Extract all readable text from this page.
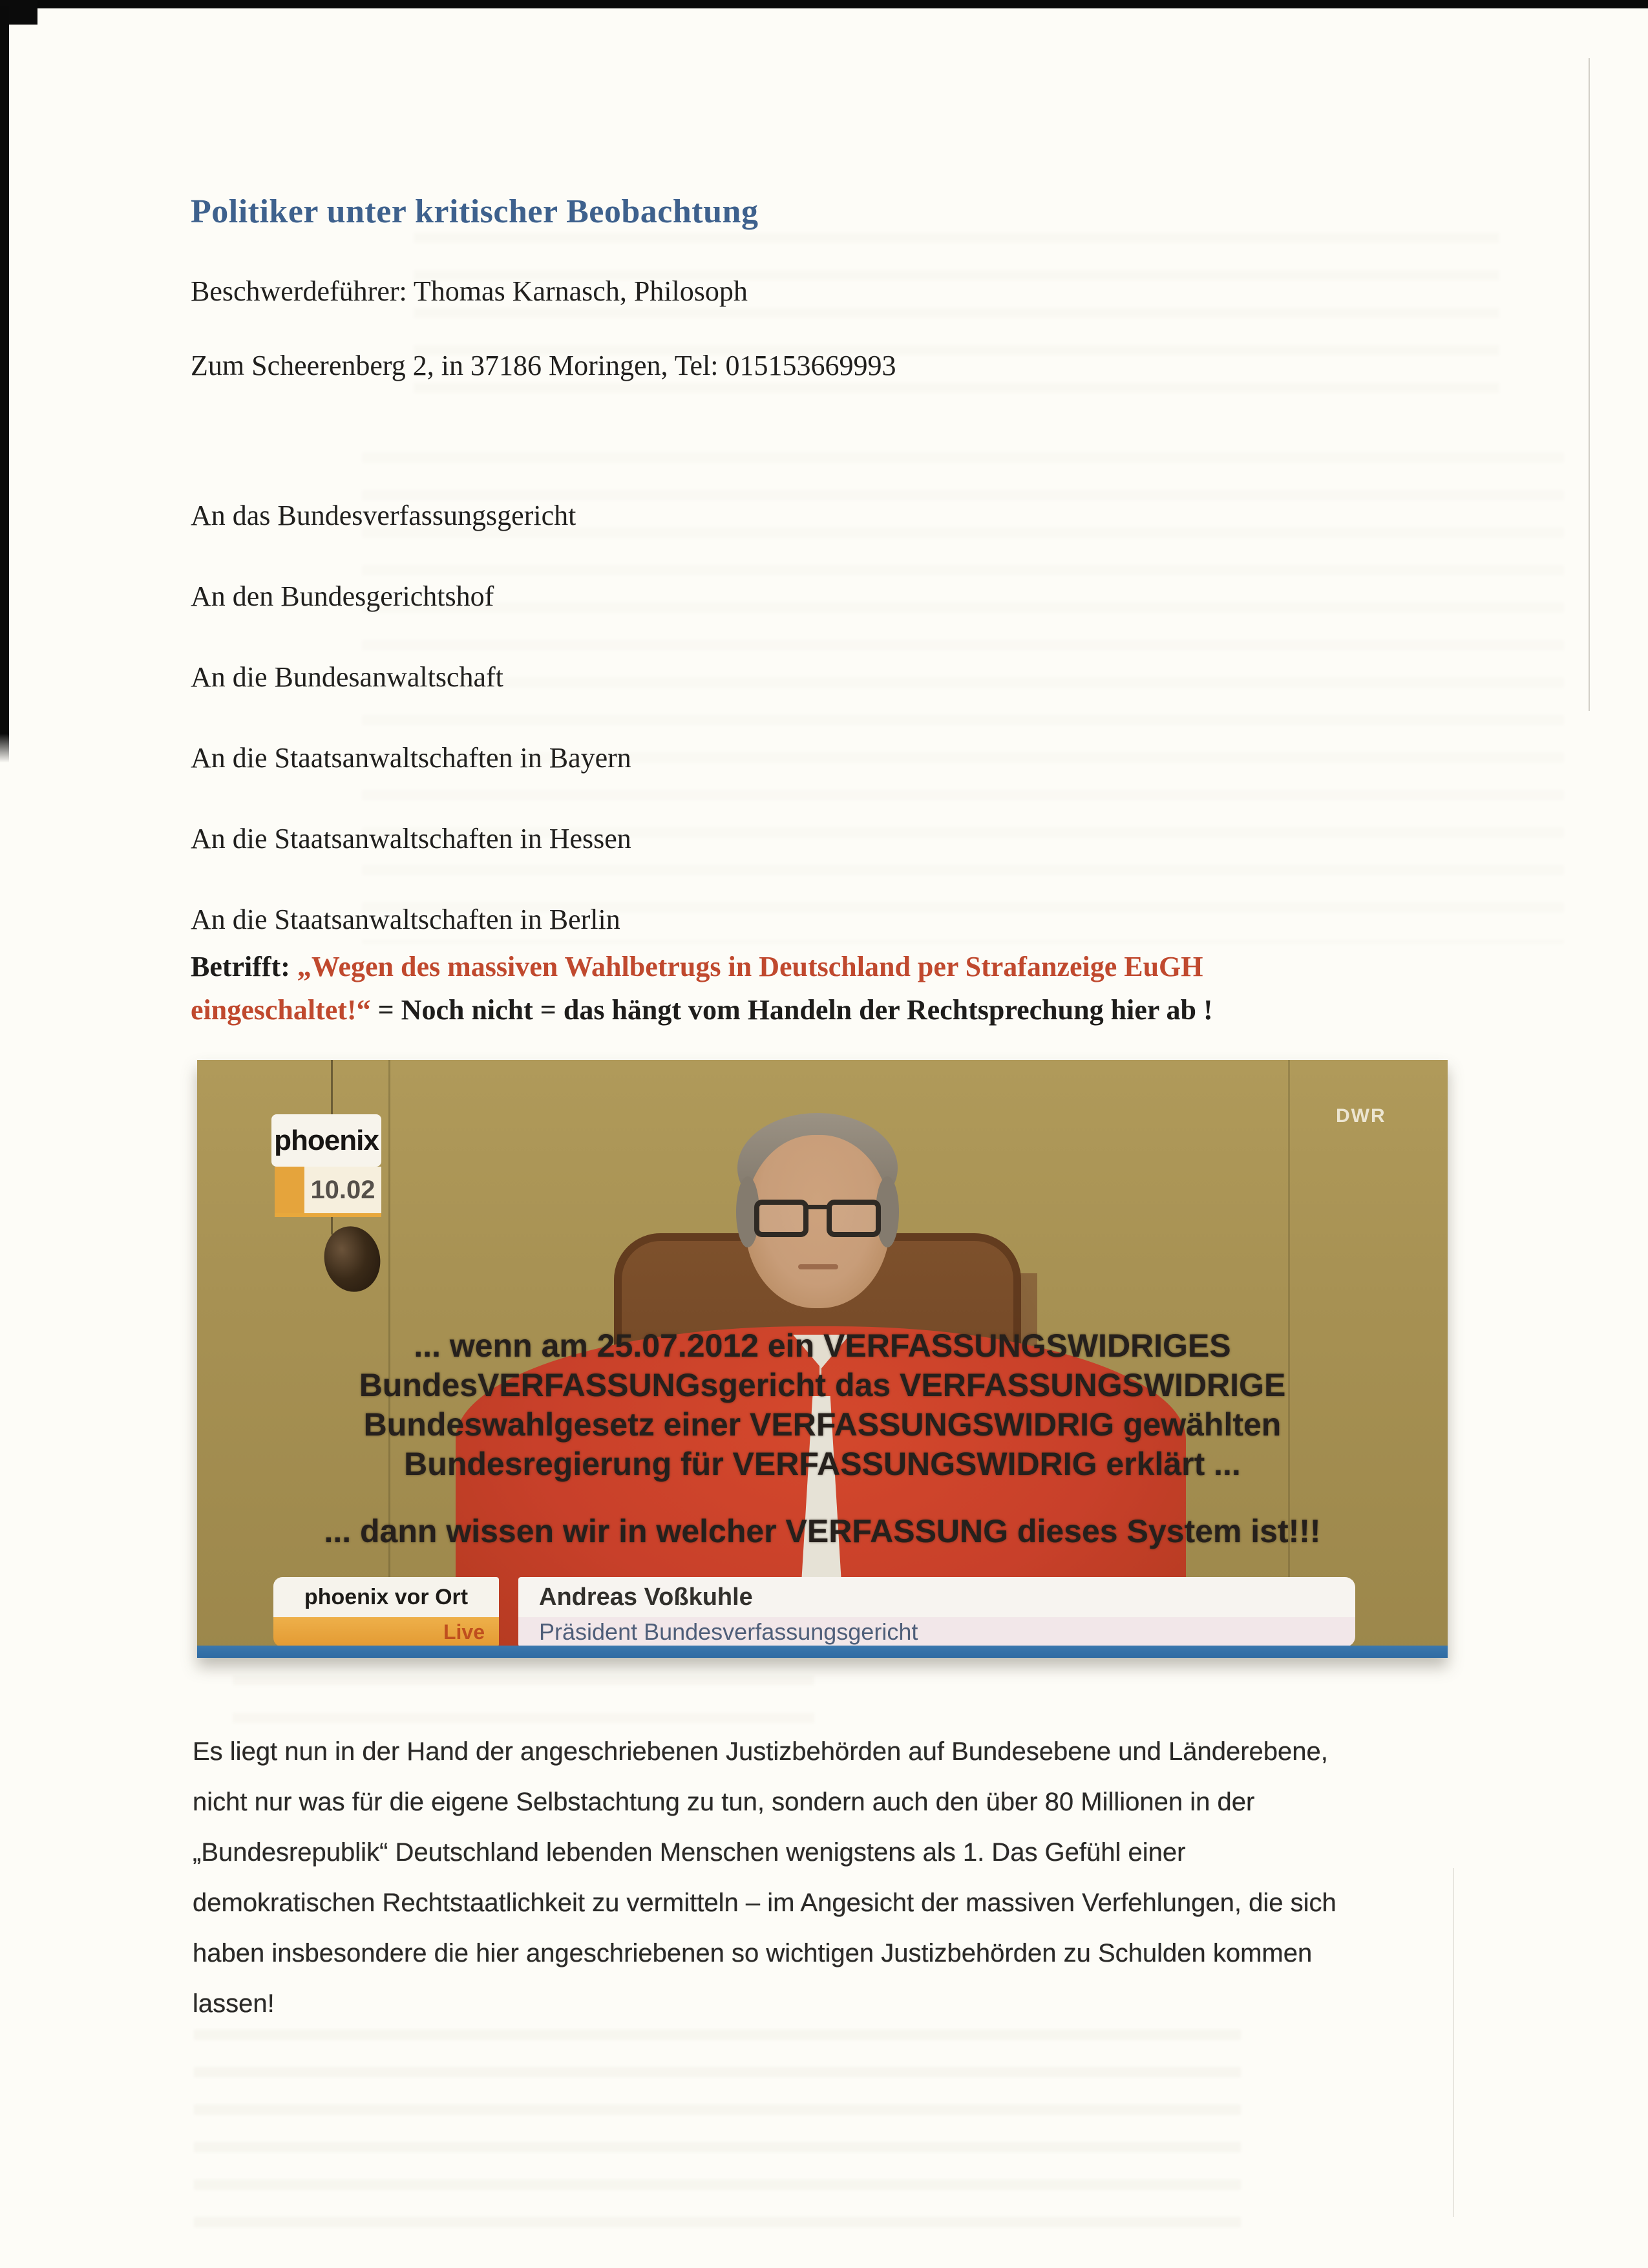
Politiker unter kritischer Beobachtung
Beschwerdeführer: Thomas Karnasch, Philosoph
Zum Scheerenberg 2, in 37186 Moringen, Tel: 015153669993
An das Bundesverfassungsgericht
An den Bundesgerichtshof
An die Bundesanwaltschaft
An die Staatsanwaltschaften in Bayern
An die Staatsanwaltschaften in Hessen
An die Staatsanwaltschaften in Berlin
Betrifft: „Wegen des massiven Wahlbetrugs in Deutschland per Strafanzeige EuGH
eingeschaltet!“ = Noch nicht = das hängt vom Handeln der Rechtsprechung hier ab !
DWR
phoenix
10.02
... wenn am 25.07.2012 ein VERFASSUNGSWIDRIGES
BundesVERFASSUNGsgericht das VERFASSUNGSWIDRIGE
Bundeswahlgesetz einer VERFASSUNGSWIDRIG gewählten
Bundesregierung für VERFASSUNGSWIDRIG erklärt ...
... dann wissen wir in welcher VERFASSUNG dieses System ist!!!
phoenix vor Ort
Live
Andreas Voßkuhle
Präsident Bundesverfassungsgericht
Es liegt nun in der Hand der angeschriebenen Justizbehörden auf Bundesebene und Länderebene,
nicht nur was für die eigene Selbstachtung zu tun, sondern auch den über 80 Millionen in der
„Bundesrepublik“ Deutschland lebenden Menschen wenigstens als 1. Das Gefühl einer
demokratischen Rechtstaatlichkeit zu vermitteln – im Angesicht der massiven Verfehlungen, die sich
haben insbesondere die hier angeschriebenen so wichtigen Justizbehörden zu Schulden kommen
lassen!
